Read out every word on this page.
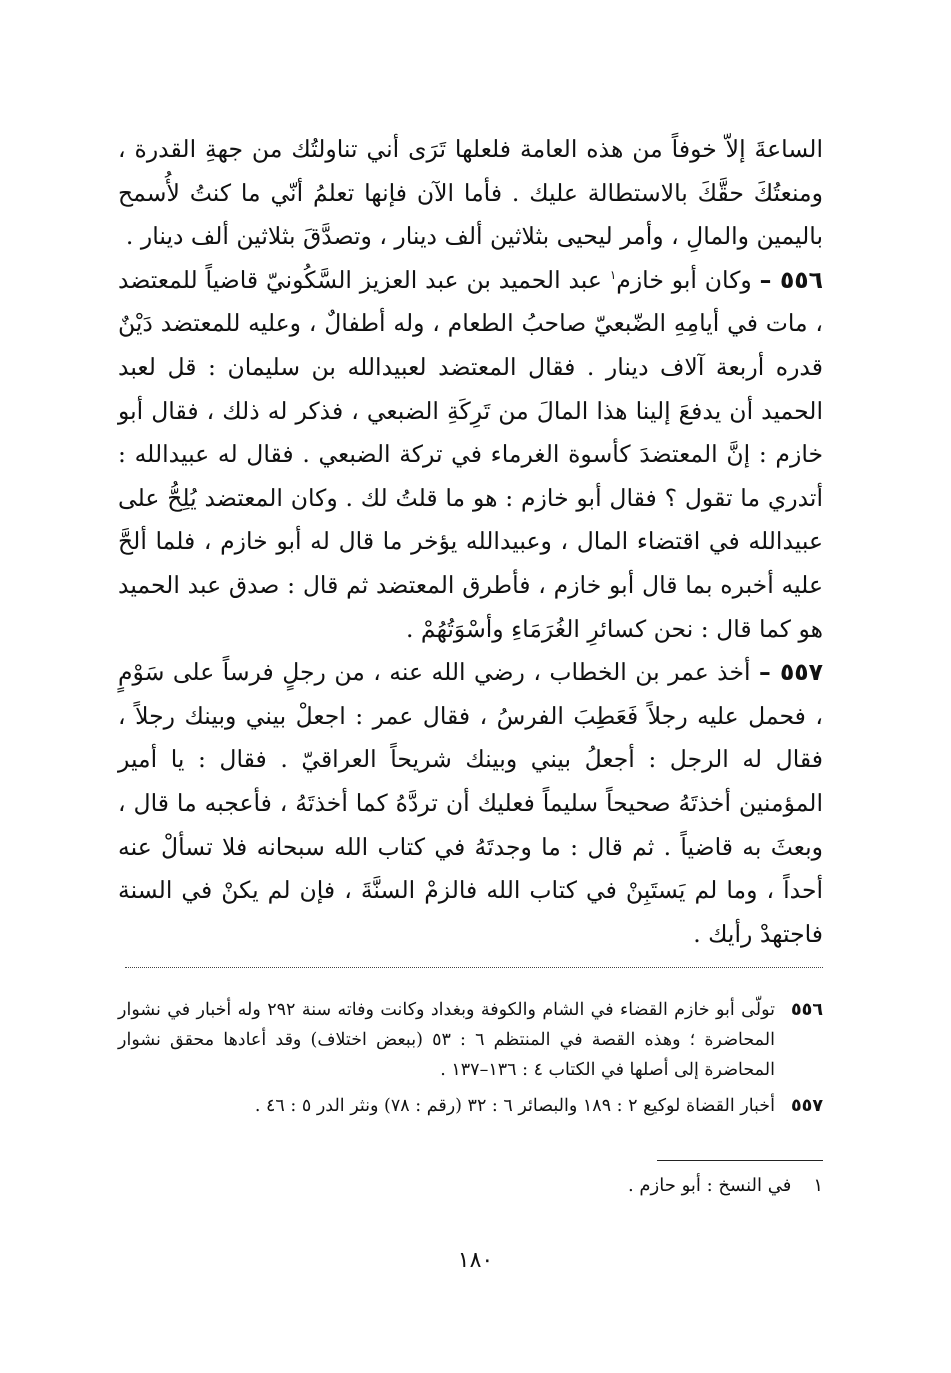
الساعةَ إلاّ خوفاً من هذه العامة فلعلها تَرَى أني تناولتُك من جهةِ القدرة ، ومنعتُكَ حقَّكَ بالاستطالة عليك . فأما الآن فإنها تعلمُ أنّي ما كنتُ لأُسمح باليمين والمالِ ، وأمر ليحيى بثلاثين ألف دينار ، وتصدَّقَ بثلاثين ألف دينار .

٥٥٦ – وكان أبو خازم$^١$ عبد الحميد بن عبد العزيز السَّكُونيّ قاضياً للمعتضد ، مات في أيامِهِ الضّبعيّ صاحبُ الطعام ، وله أطفالٌ ، وعليه للمعتضد دَيْنٌ قدره أربعة آلاف دينار . فقال المعتضد لعبيدالله بن سليمان : قل لعبد الحميد أن يدفعَ إلينا هذا المالَ من تَرِكَةِ الضبعي ، فذكر له ذلك ، فقال أبو خازم : إنَّ المعتضدَ كأسوة الغرماء في تركة الضبعي . فقال له عبيدالله : أتدري ما تقول ؟ فقال أبو خازم : هو ما قلتُ لك . وكان المعتضد يُلِحُّ على عبيدالله في اقتضاء المال ، وعبيدالله يؤخر ما قال له أبو خازم ، فلما ألحَّ عليه أخبره بما قال أبو خازم ، فأطرق المعتضد ثم قال : صدق عبد الحميد هو كما قال : نحن كسائرِ الغُرَمَاءِ وأسْوَتُهُمْ .

٥٥٧ – أخذ عمر بن الخطاب ، رضي الله عنه ، من رجلٍ فرساً على سَوْمٍ ، فحمل عليه رجلاً فَعَطِبَ الفرسُ ، فقال عمر : اجعلْ بيني وبينك رجلاً ، فقال له الرجل : أجعلُ بيني وبينك شريحاً العراقيّ . فقال : يا أمير المؤمنين أخذتَهُ صحيحاً سليماً فعليك أن تردَّهُ كما أخذتَهُ ، فأعجبه ما قال ، وبعثَ به قاضياً . ثم قال : ما وجدتَهُ في كتاب الله سبحانه فلا تسألْ عنه أحداً ، وما لم يَستَبِنْ في كتاب الله فالزمْ السنَّةَ ، فإن لم يكنْ في السنة فاجتهدْ رأيك .

٥٥٦
تولّى أبو خازم القضاء في الشام والكوفة وبغداد وكانت وفاته سنة ٢٩٢ وله أخبار في نشوار المحاضرة ؛ وهذه القصة في المنتظم ٦ : ٥٣ (ببعض اختلاف) وقد أعادها محقق نشوار المحاضرة إلى أصلها في الكتاب ٤ : ١٣٦–١٣٧ .

٥٥٧
أخبار القضاة لوكيع ٢ : ١٨٩ والبصائر ٦ : ٣٢ (رقم : ٧٨) ونثر الدر ٥ : ٤٦ .

١
في النسخ : أبو حازم .
١٨٠
